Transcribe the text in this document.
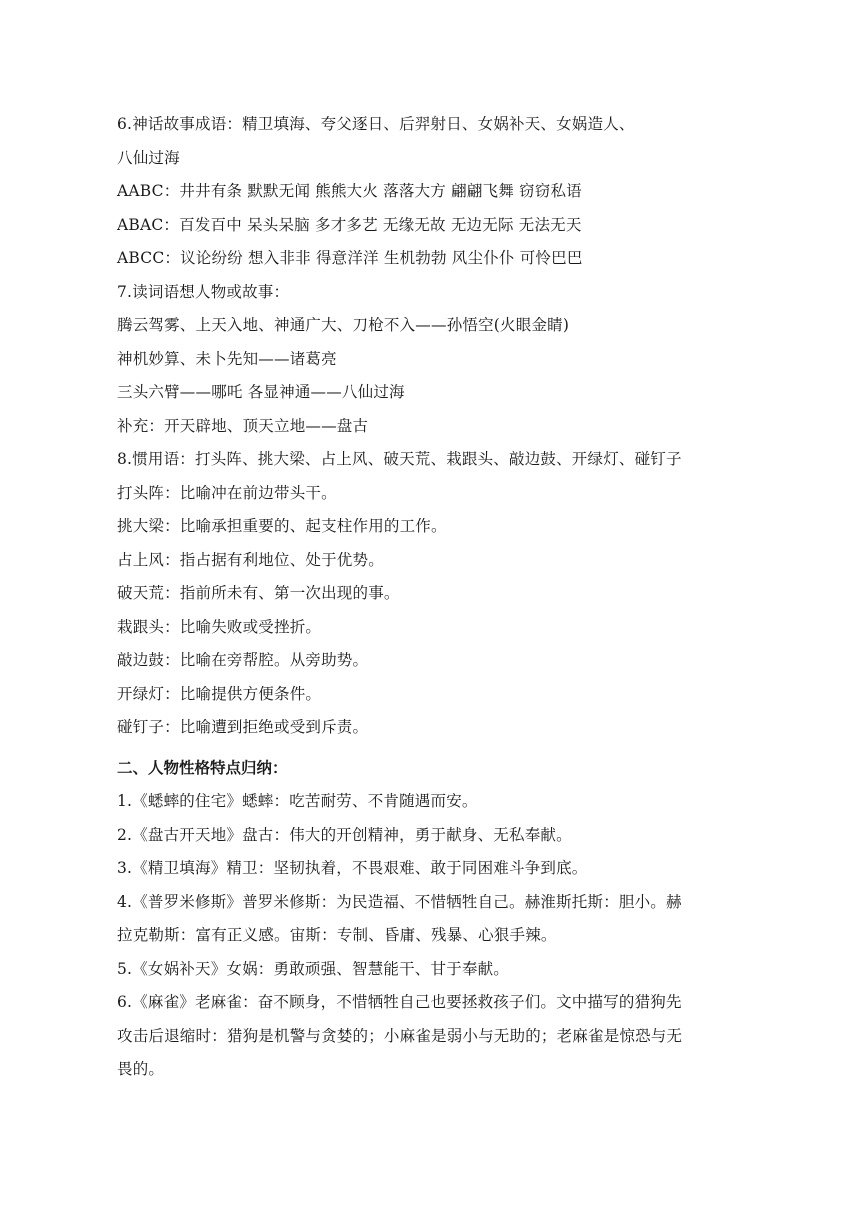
6.神话故事成语：精卫填海、夸父逐日、后羿射日、女娲补天、女娲造人、
八仙过海
AABC：井井有条 默默无闻 熊熊大火 落落大方 翩翩飞舞 窃窃私语
ABAC：百发百中 呆头呆脑 多才多艺 无缘无故 无边无际 无法无天
ABCC：议论纷纷 想入非非 得意洋洋 生机勃勃 风尘仆仆 可怜巴巴
7.读词语想人物或故事：
腾云驾雾、上天入地、神通广大、刀枪不入——孙悟空(火眼金睛)
神机妙算、未卜先知——诸葛亮
三头六臂——哪吒 各显神通——八仙过海
补充：开天辟地、顶天立地——盘古
8.惯用语：打头阵、挑大梁、占上风、破天荒、栽跟头、敲边鼓、开绿灯、碰钉子
打头阵：比喻冲在前边带头干。
挑大梁：比喻承担重要的、起支柱作用的工作。
占上风：指占据有利地位、处于优势。
破天荒：指前所未有、第一次出现的事。
栽跟头：比喻失败或受挫折。
敲边鼓：比喻在旁帮腔。从旁助势。
开绿灯：比喻提供方便条件。
碰钉子：比喻遭到拒绝或受到斥责。
二、人物性格特点归纳：
1.《蟋蟀的住宅》蟋蟀：吃苦耐劳、不肯随遇而安。
2.《盘古开天地》盘古：伟大的开创精神，勇于献身、无私奉献。
3.《精卫填海》精卫：坚韧执着，不畏艰难、敢于同困难斗争到底。
4.《普罗米修斯》普罗米修斯：为民造福、不惜牺牲自己。赫淮斯托斯：胆小。赫
拉克勒斯：富有正义感。宙斯：专制、昏庸、残暴、心狠手辣。
5.《女娲补天》女娲：勇敢顽强、智慧能干、甘于奉献。
6.《麻雀》老麻雀：奋不顾身，不惜牺牲自己也要拯救孩子们。文中描写的猎狗先
攻击后退缩时：猎狗是机警与贪婪的；小麻雀是弱小与无助的；老麻雀是惊恐与无
畏的。
